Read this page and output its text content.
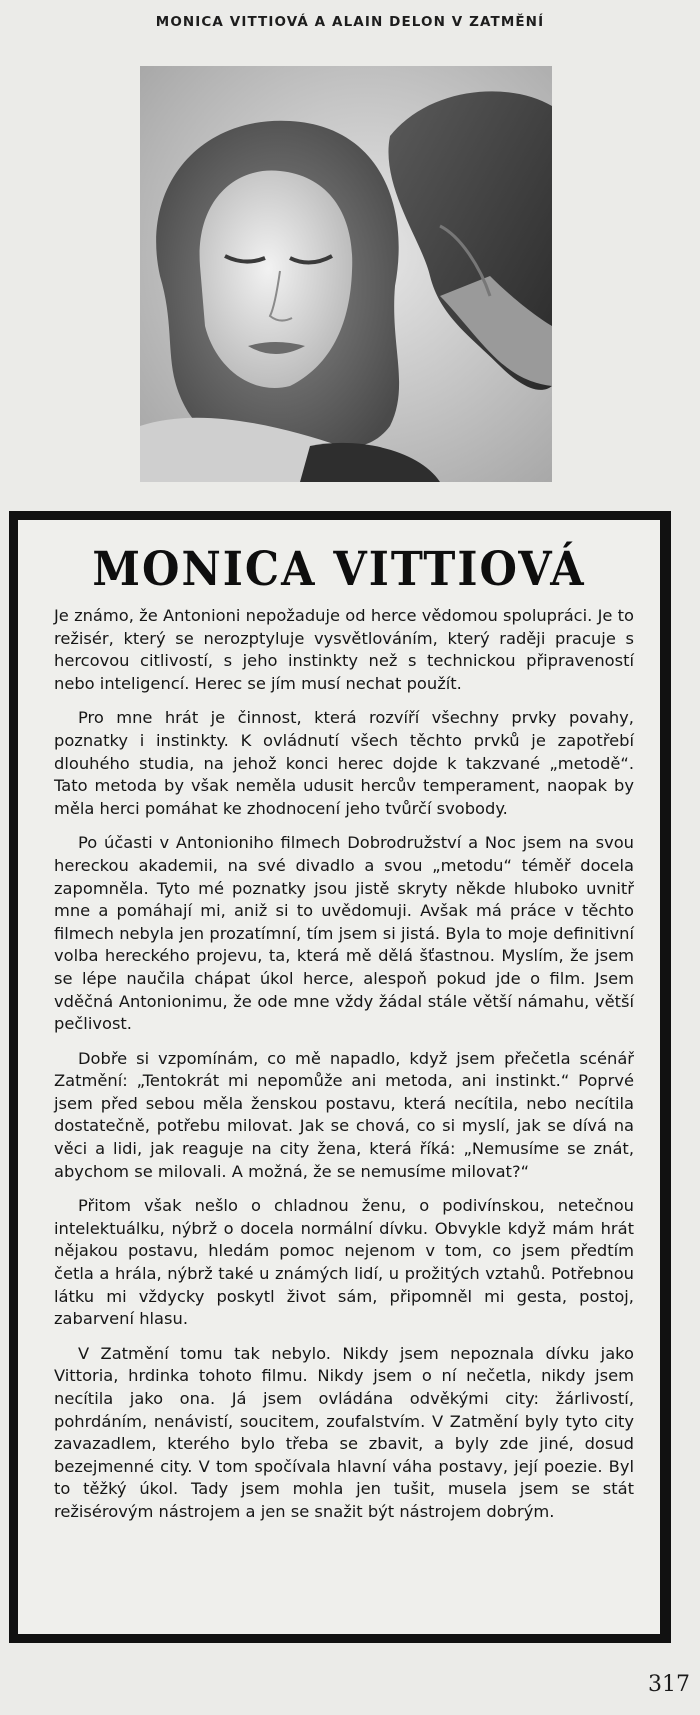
MONICA VITTIOVÁ A ALAIN DELON V ZATMĚNÍ
MONICA VITTIOVÁ

Je známo, že Antonioni nepožaduje od herce vědomou spolupráci. Je to režisér, který se nerozptyluje vysvětlováním, který raději pracuje s hercovou citlivostí, s jeho instinkty než s technickou připraveností nebo inteligencí. Herec se jím musí nechat použít.

Pro mne hrát je činnost, která rozvíří všechny prvky povahy, poznatky i instinkty. K ovládnutí všech těchto prvků je zapotřebí dlouhého studia, na jehož konci herec dojde k takzvané „metodě“. Tato metoda by však neměla udusit hercův temperament, naopak by měla herci pomáhat ke zhodnocení jeho tvůrčí svobody.

Po účasti v Antonioniho filmech Dobrodružství a Noc jsem na svou hereckou akademii, na své divadlo a svou „metodu“ téměř docela zapomněla. Tyto mé poznatky jsou jistě skryty někde hluboko uvnitř mne a pomáhají mi, aniž si to uvědomuji. Avšak má práce v těchto filmech nebyla jen prozatímní, tím jsem si jistá. Byla to moje definitivní volba hereckého projevu, ta, která mě dělá šťastnou. Myslím, že jsem se lépe naučila chápat úkol herce, alespoň pokud jde o film. Jsem vděčná Antonionimu, že ode mne vždy žádal stále větší námahu, větší pečlivost.

Dobře si vzpomínám, co mě napadlo, když jsem přečetla scénář Zatmění: „Tentokrát mi nepomůže ani metoda, ani instinkt.“ Poprvé jsem před sebou měla ženskou postavu, která necítila, nebo necítila dostatečně, potřebu milovat. Jak se chová, co si myslí, jak se dívá na věci a lidi, jak reaguje na city žena, která říká: „Nemusíme se znát, abychom se milovali. A možná, že se nemusíme milovat?“

Přitom však nešlo o chladnou ženu, o podivínskou, netečnou intelektuálku, nýbrž o docela normální dívku. Obvykle když mám hrát nějakou postavu, hledám pomoc nejenom v tom, co jsem předtím četla a hrála, nýbrž také u známých lidí, u prožitých vztahů. Potřebnou látku mi vždycky poskytl život sám, připomněl mi gesta, postoj, zabarvení hlasu.

V Zatmění tomu tak nebylo. Nikdy jsem nepoznala dívku jako Vittoria, hrdinka tohoto filmu. Nikdy jsem o ní nečetla, nikdy jsem necítila jako ona. Já jsem ovládána odvěkými city: žárlivostí, pohrdáním, nenávistí, soucitem, zoufalstvím. V Zatmění byly tyto city zavazadlem, kterého bylo třeba se zbavit, a byly zde jiné, dosud bezejmenné city. V tom spočívala hlavní váha postavy, její poezie. Byl to těžký úkol. Tady jsem mohla jen tušit, musela jsem se stát režisérovým nástrojem a jen se snažit být nástrojem dobrým.

317
